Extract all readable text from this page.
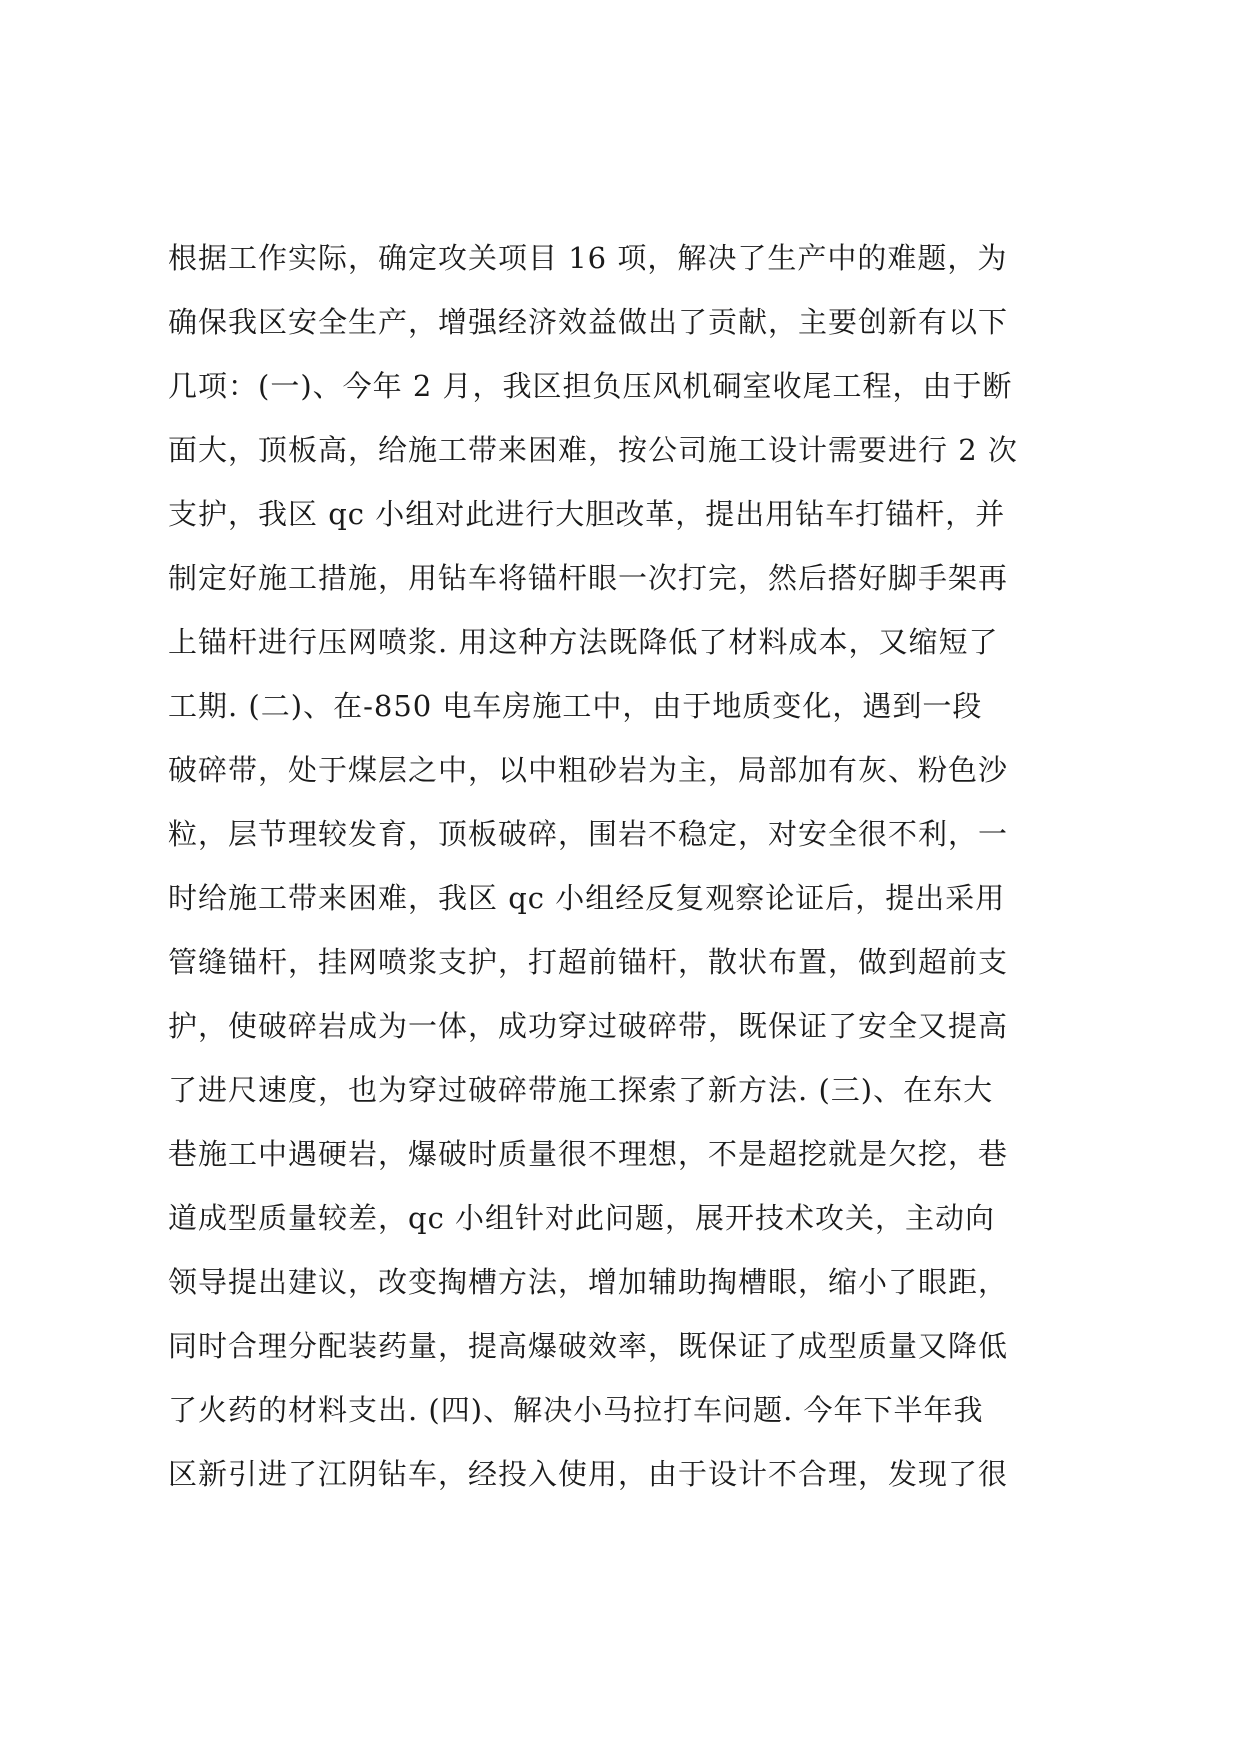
根据工作实际，确定攻关项目 16 项，解决了生产中的难题，为
确保我区安全生产，增强经济效益做出了贡献，主要创新有以下
几项：(一)、今年 2 月，我区担负压风机硐室收尾工程，由于断
面大，顶板高，给施工带来困难，按公司施工设计需要进行 2 次
支护，我区 qc 小组对此进行大胆改革，提出用钻车打锚杆，并
制定好施工措施，用钻车将锚杆眼一次打完，然后搭好脚手架再
上锚杆进行压网喷浆. 用这种方法既降低了材料成本，又缩短了
工期. (二)、在-850 电车房施工中，由于地质变化，遇到一段
破碎带，处于煤层之中，以中粗砂岩为主，局部加有灰、粉色沙
粒，层节理较发育，顶板破碎，围岩不稳定，对安全很不利，一
时给施工带来困难，我区 qc 小组经反复观察论证后，提出采用
管缝锚杆，挂网喷浆支护，打超前锚杆，散状布置，做到超前支
护，使破碎岩成为一体，成功穿过破碎带，既保证了安全又提高
了进尺速度，也为穿过破碎带施工探索了新方法. (三)、在东大
巷施工中遇硬岩，爆破时质量很不理想，不是超挖就是欠挖，巷
道成型质量较差，qc 小组针对此问题，展开技术攻关，主动向
领导提出建议，改变掏槽方法，增加辅助掏槽眼，缩小了眼距，
同时合理分配装药量，提高爆破效率，既保证了成型质量又降低
了火药的材料支出. (四)、解决小马拉打车问题. 今年下半年我
区新引进了江阴钻车，经投入使用，由于设计不合理，发现了很
